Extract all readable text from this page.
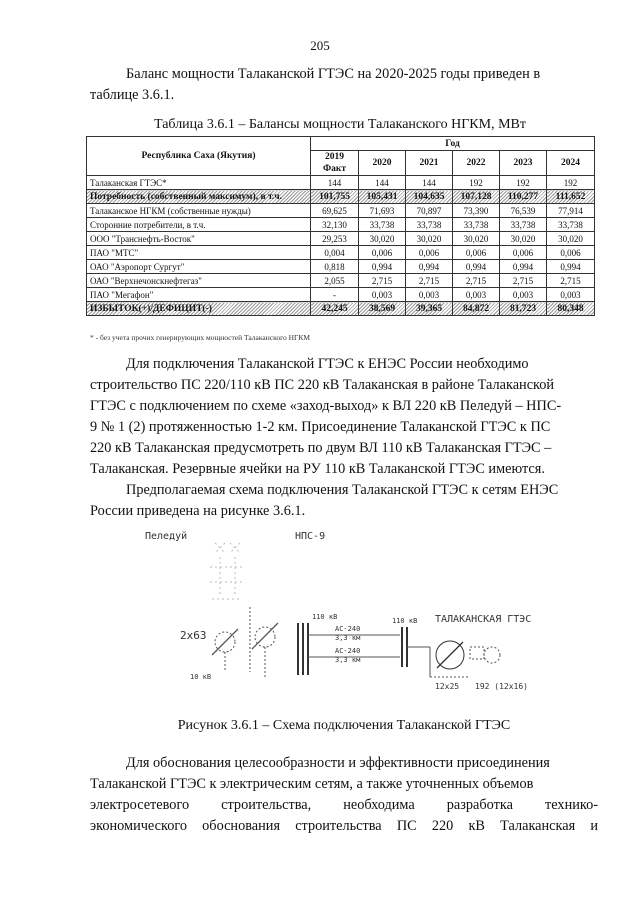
205
Баланс мощности Талаканской ГТЭС на 2020-2025 годы приведен в
таблице 3.6.1.
Таблица 3.6.1 – Балансы мощности Талаканского НГКМ, МВт
Республика Саха (Якутия)	Год					
	2019 Факт	2020	2021	2022	2023	2024
Талаканская ГТЭС*	144	144	144	192	192	192
Потребность (собственный максимум), в т.ч.	101,755	105,431	104,635	107,128	110,277	111,652
Талаканское НГКМ (собственные нужды)	69,625	71,693	70,897	73,390	76,539	77,914
Сторонние потребители, в т.ч.	32,130	33,738	33,738	33,738	33,738	33,738
ООО "Транснефть-Восток"	29,253	30,020	30,020	30,020	30,020	30,020
ПАО "МТС"	0,004	0,006	0,006	0,006	0,006	0,006
ОАО "Аэропорт Сургут"	0,818	0,994	0,994	0,994	0,994	0,994
ОАО "Верхнечонскнефтегаз"	2,055	2,715	2,715	2,715	2,715	2,715
ПАО "Мегафон"	-	0,003	0,003	0,003	0,003	0,003
ИЗБЫТОК(+)/ДЕФИЦИТ(-)	42,245	38,569	39,365	84,872	81,723	80,348
* - без учета прочих генерирующих мощностей Талаканского НГКМ
Для подключения Талаканской ГТЭС к ЕНЭС России необходимо
строительство ПС 220/110 кВ ПС 220 кВ Талаканская в районе Талаканской
ГТЭС с подключением по схеме «заход-выход» к ВЛ 220 кВ Пеледуй – НПС-
9 № 1 (2) протяженностью 1-2 км. Присоединение Талаканской ГТЭС к ПС
220 кВ Талаканская предусмотреть по двум ВЛ 110 кВ Талаканская ГТЭС –
Талаканская. Резервные ячейки на РУ 110 кВ Талаканской ГТЭС имеются.
Предполагаемая схема подключения Талаканской ГТЭС к сетям ЕНЭС
России приведена на рисунке 3.6.1.
Пеледуй	НПС-9
ТАЛАКАНСКАЯ ГТЭС
2х63
10 кВ
110 кВ	110 кВ
АС-240
3,3 км
АС-240
3,3 км
12х25 192 (12х16)
Рисунок 3.6.1 – Схема подключения Талаканской ГТЭС
Для обоснования целесообразности и эффективности присоединения
Талаканской ГТЭС к электрическим сетям, а также уточненных объемов
электросетевого строительства, необходима разработка технико-
экономического обоснования строительства ПС 220 кВ Талаканская и
